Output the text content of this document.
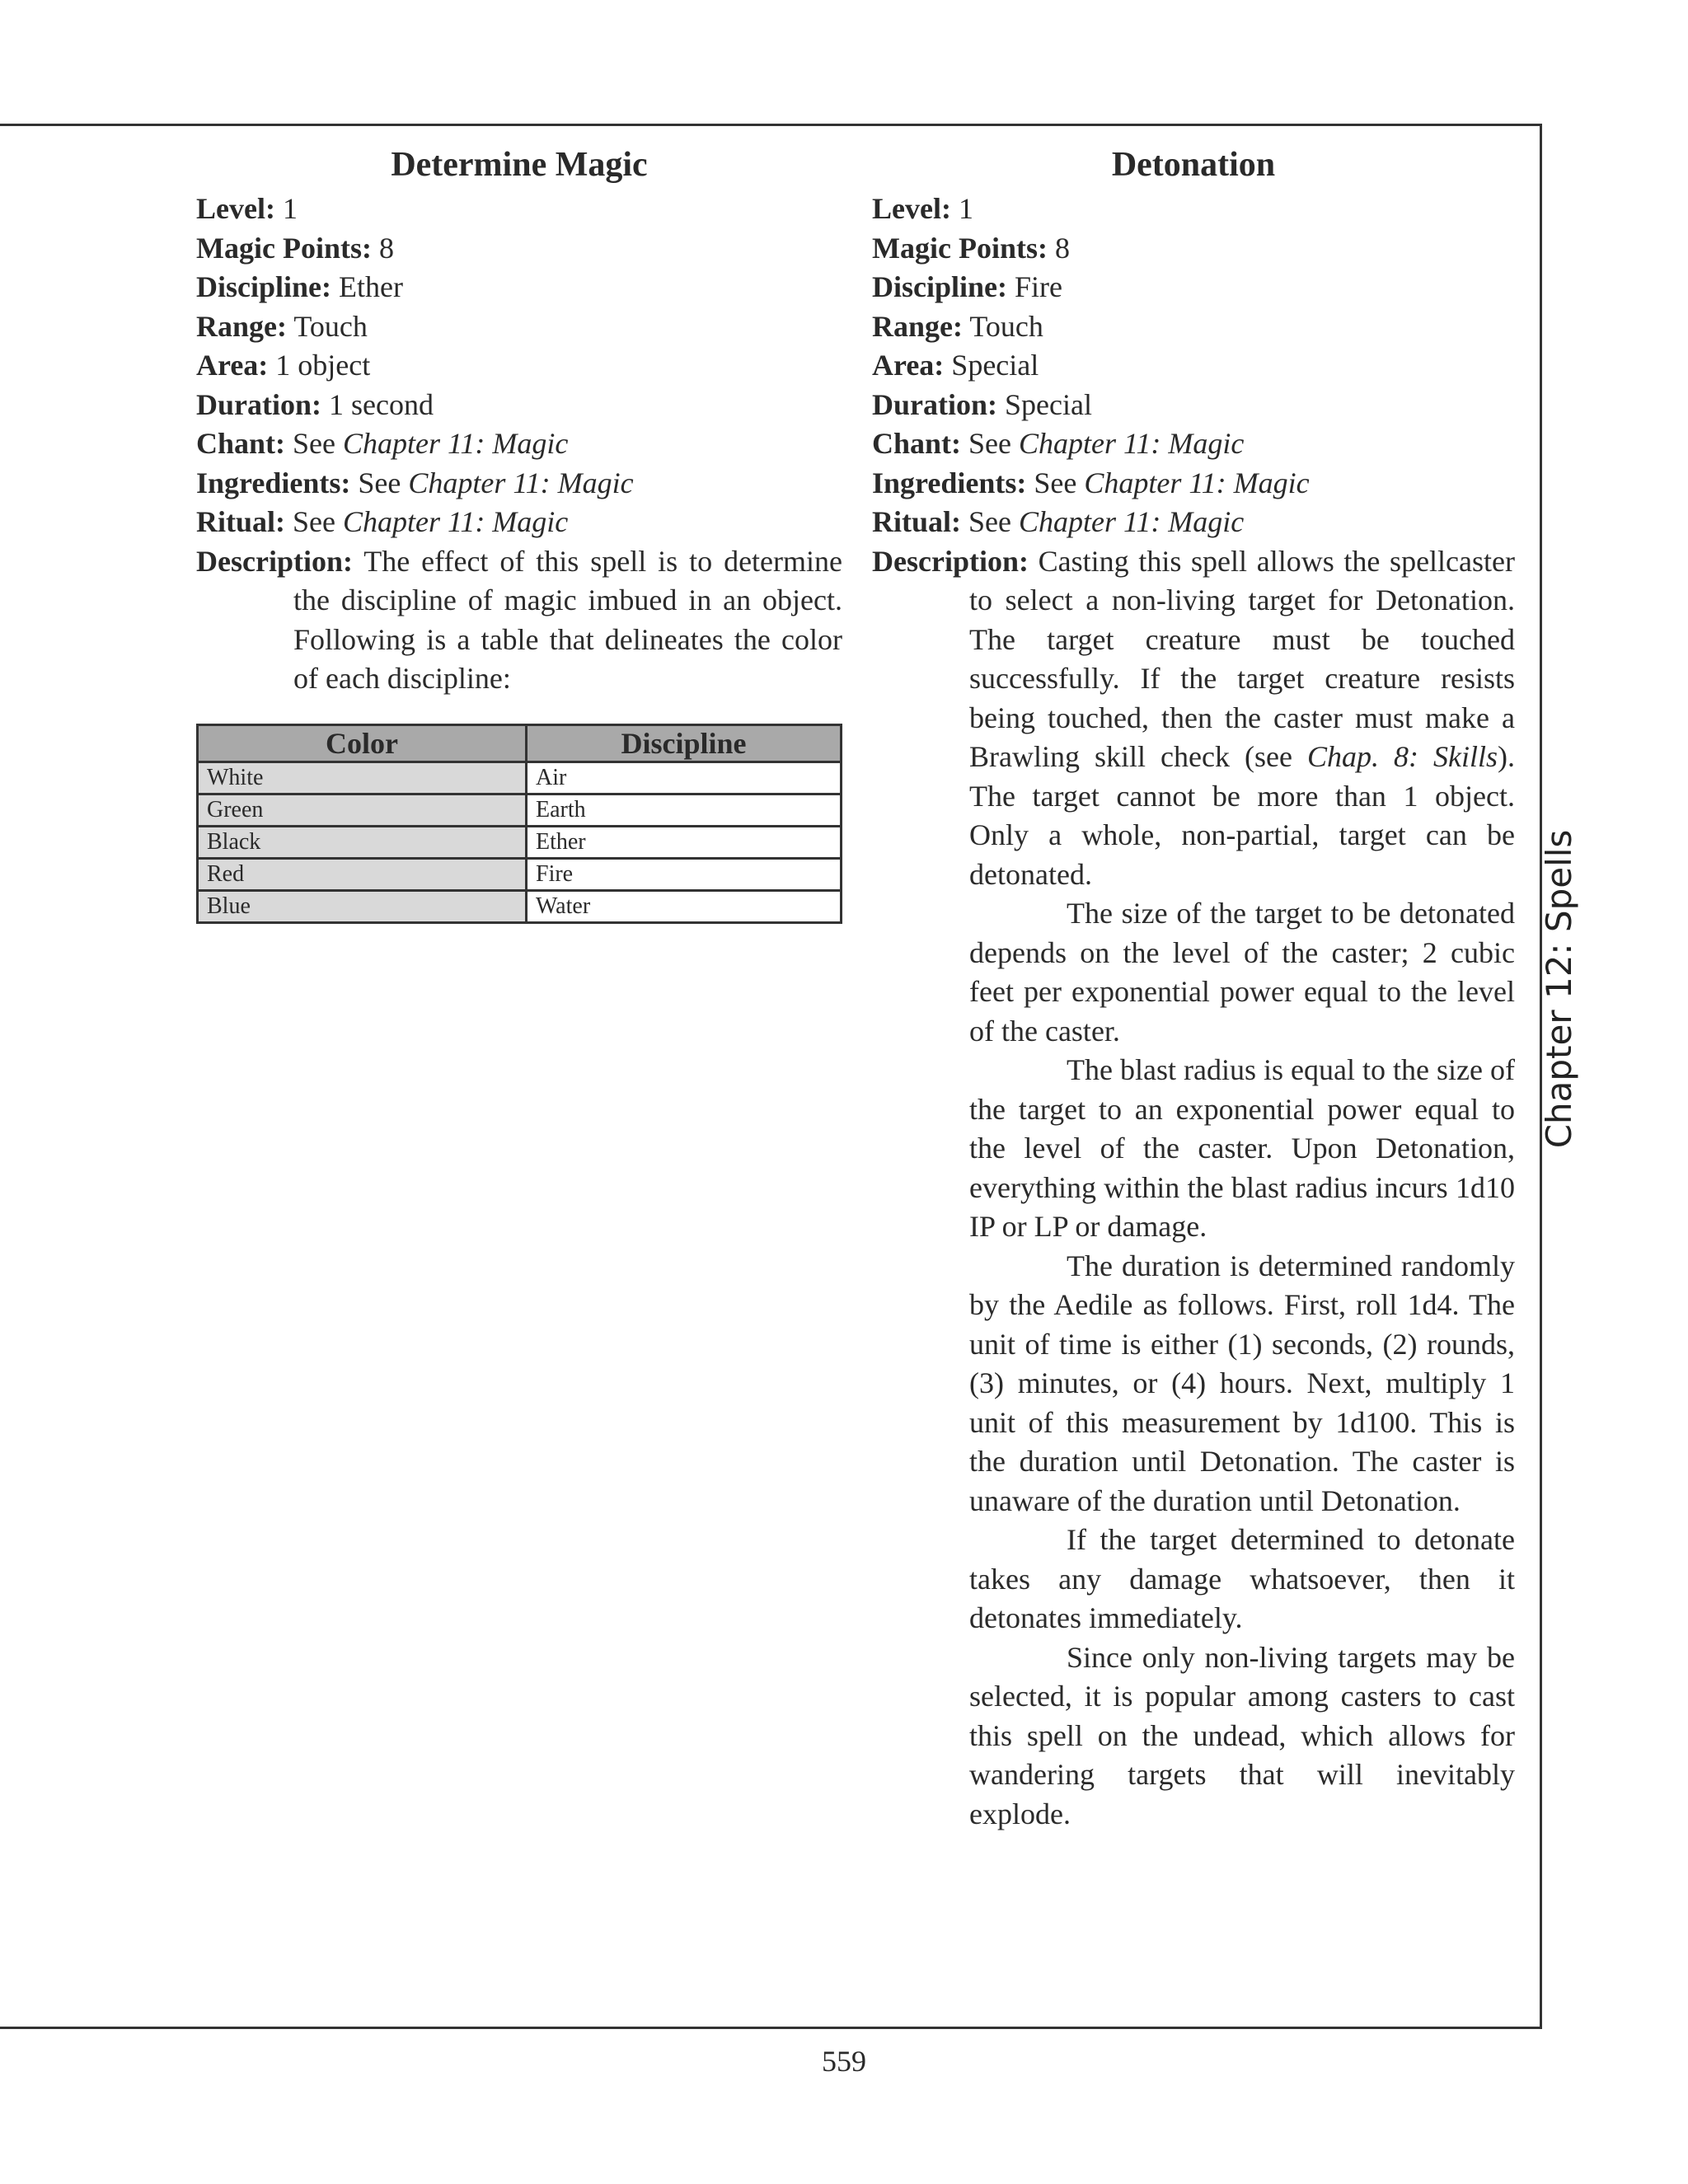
Determine Magic
Level: 1
Magic Points: 8
Discipline: Ether
Range: Touch
Area: 1 object
Duration: 1 second
Chant: See Chapter 11: Magic
Ingredients: See Chapter 11: Magic
Ritual: See Chapter 11: Magic
Description: The effect of this spell is to determine the discipline of magic imbued in an object. Following is a table that delineates the color of each discipline:
Color	Discipline
White	Air
Green	Earth
Black	Ether
Red	Fire
Blue	Water
Detonation
Level: 1
Magic Points: 8
Discipline: Fire
Range: Touch
Area: Special
Duration: Special
Chant: See Chapter 11: Magic
Ingredients: See Chapter 11: Magic
Ritual: See Chapter 11: Magic

Description: Casting this spell allows the spellcaster to select a non-living target for Detonation. The target creature must be touched successfully. If the target creature resists being touched, then the caster must make a Brawling skill check (see Chap. 8: Skills). The target cannot be more than 1 object. Only a whole, non-partial, target can be detonated.

The size of the target to be detonated depends on the level of the caster; 2 cubic feet per exponential power equal to the level of the caster.

The blast radius is equal to the size of the target to an exponential power equal to the level of the caster. Upon Detonation, everything within the blast radius incurs 1d10 IP or LP or damage.

The duration is determined randomly by the Aedile as follows. First, roll 1d4. The unit of time is either (1) seconds, (2) rounds, (3) minutes, or (4) hours. Next, multiply 1 unit of this measurement by 1d100. This is the duration until Detonation. The caster is unaware of the duration until Detonation.

If the target determined to detonate takes any damage whatsoever, then it detonates immediately.

Since only non-living targets may be selected, it is popular among casters to cast this spell on the undead, which allows for wandering targets that will inevitably explode.

Chapter 12: Spells
559
